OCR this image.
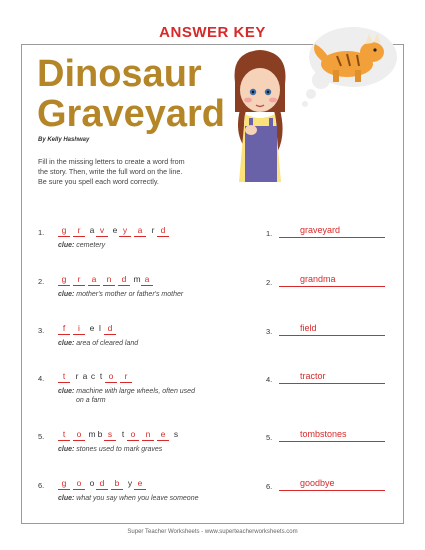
ANSWER KEY
Dinosaur
Graveyard
By Kelly Hashway
Fill in the missing letters to create a word from
the story. Then, write the full word on the line.
Be sure you spell each word correctly.
1.	g	r	a v	e y	a	r d
clue: cemetery
2.	g	r	a	n	d m a
clue: mother's mother or father's mother
3.	f	i	e l d
clue: area of cleared land
4.	t	r a c t o	r
clue: machine with large wheels, often used
on a farm
5.	t	o m b s	t o	n	e	s
clue: stones used to mark graves
6.	g	o o d	b	y e
clue: what you say when you leave someone
1.	graveyard
2.	grandma
3.	field
4.	tractor
5.	tombstones
6.	goodbye
Super Teacher Worksheets - www.superteacherworksheets.com
